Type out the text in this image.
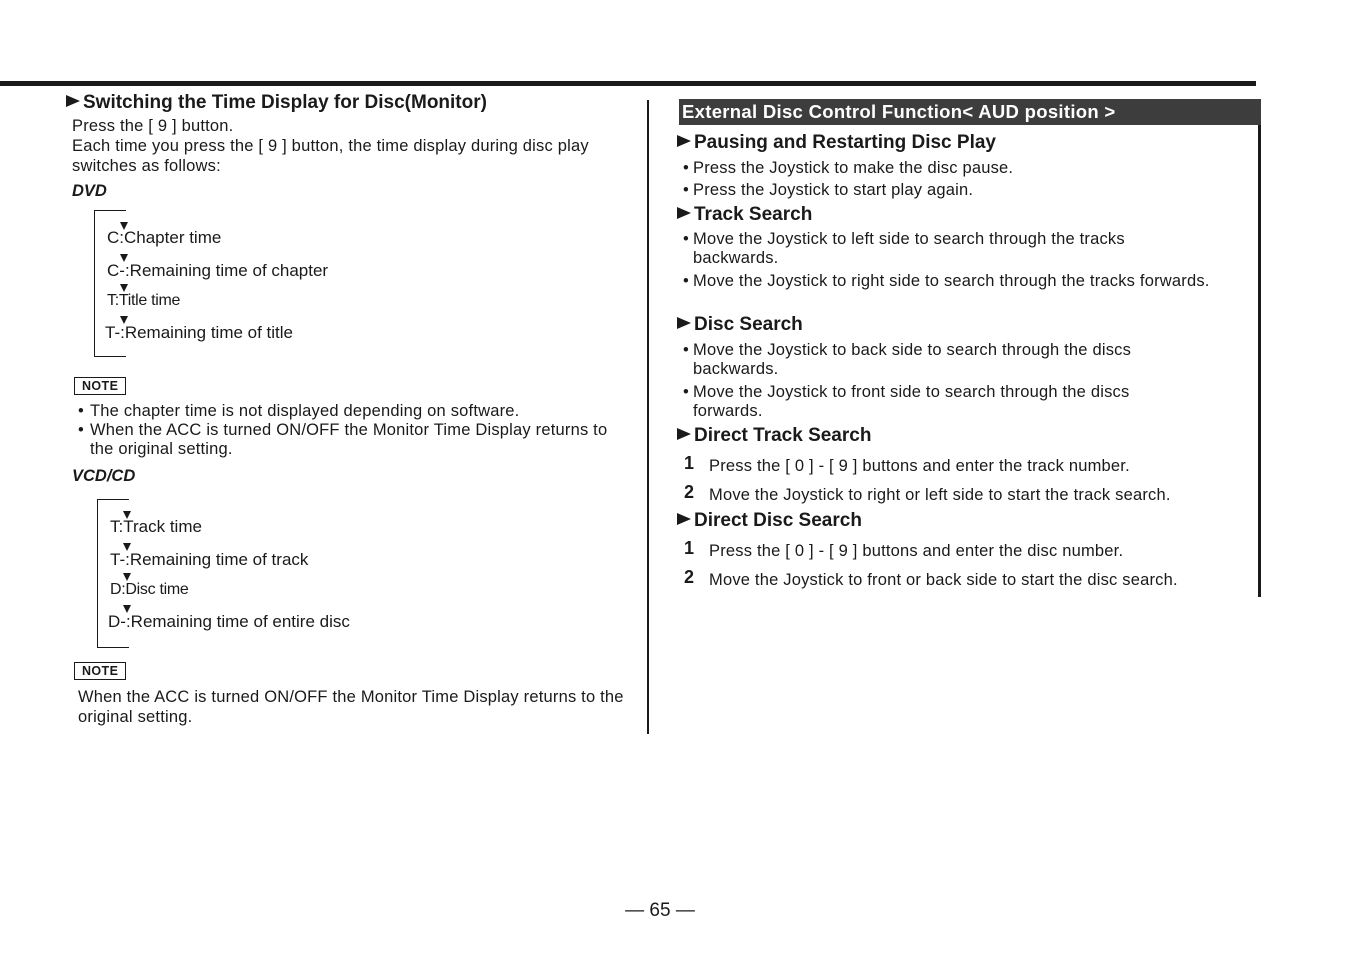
Switching the Time Display for Disc(Monitor)
Press the [ 9 ] button.
Each time you press the [ 9 ] button, the time display during disc play switches as follows:
DVD
C:Chapter time
C-:Remaining time of chapter
T:Title time
T-:Remaining time of title
NOTE
• The chapter time is not displayed depending on software.
• When the ACC is turned ON/OFF the Monitor Time Display returns to the original setting.
VCD/CD
T:Track time
T-:Remaining time of track
D:Disc time
D-:Remaining time of entire disc
NOTE
When the ACC is turned ON/OFF the Monitor Time Display returns to the original setting.
External Disc Control Function< AUD position >
Pausing and Restarting Disc Play
• Press the Joystick to make the disc pause.
• Press the Joystick to start play again.
Track Search
• Move the Joystick to left side to search through the tracks backwards.
• Move the Joystick to right side to search through the tracks forwards.
Disc Search
• Move the Joystick to back side to search through the discs backwards.
• Move the Joystick to front side to search through the discs forwards.
Direct Track Search
1 Press the [ 0 ] - [ 9 ] buttons and enter the track number.
2 Move the Joystick to right or left side to start the track search.
Direct Disc Search
1 Press the [ 0 ] - [ 9 ] buttons and enter the disc number.
2 Move the Joystick to front or back side to start the disc search.
— 65 —
